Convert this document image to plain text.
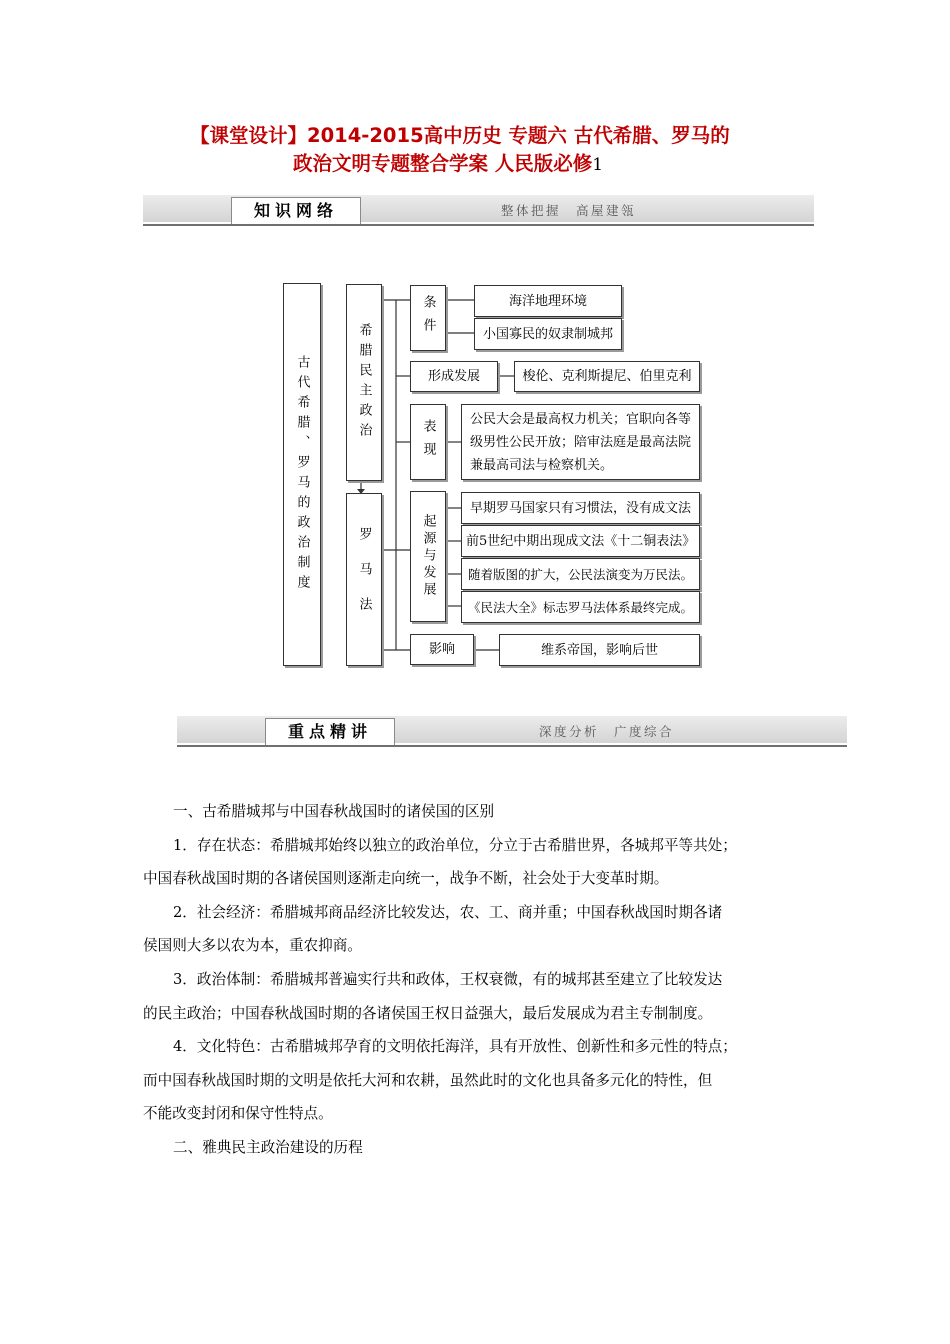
【课堂设计】2014-2015高中历史 专题六 古代希腊、罗马的
政治文明专题整合学案 人民版必修1
知识网络	整体把握　高屋建瓴
古代希腊、罗马的政治制度	希腊民主政治
罗马法
条件	海洋地理环境
小国寡民的奴隶制城邦
形成发展	梭伦、克利斯提尼、伯里克利
表现	公民大会是最高权力机关；官职向各等级男性公民开放；陪审法庭是最高法院兼最高司法与检察机关。
起源与发展
早期罗马国家只有习惯法，没有成文法
前5世纪中期出现成文法《十二铜表法》
随着版图的扩大，公民法演变为万民法。
《民法大全》标志罗马法体系最终完成。
影响	维系帝国，影响后世
重点精讲	深度分析　广度综合

一、古希腊城邦与中国春秋战国时的诸侯国的区别

1．存在状态：希腊城邦始终以独立的政治单位，分立于古希腊世界，各城邦平等共处；

中国春秋战国时期的各诸侯国则逐渐走向统一，战争不断，社会处于大变革时期。

2．社会经济：希腊城邦商品经济比较发达，农、工、商并重；中国春秋战国时期各诸

侯国则大多以农为本，重农抑商。

3．政治体制：希腊城邦普遍实行共和政体，王权衰微，有的城邦甚至建立了比较发达

的民主政治；中国春秋战国时期的各诸侯国王权日益强大，最后发展成为君主专制制度。

4．文化特色：古希腊城邦孕育的文明依托海洋，具有开放性、创新性和多元性的特点；

而中国春秋战国时期的文明是依托大河和农耕，虽然此时的文化也具备多元化的特性，但

不能改变封闭和保守性特点。

二、雅典民主政治建设的历程
